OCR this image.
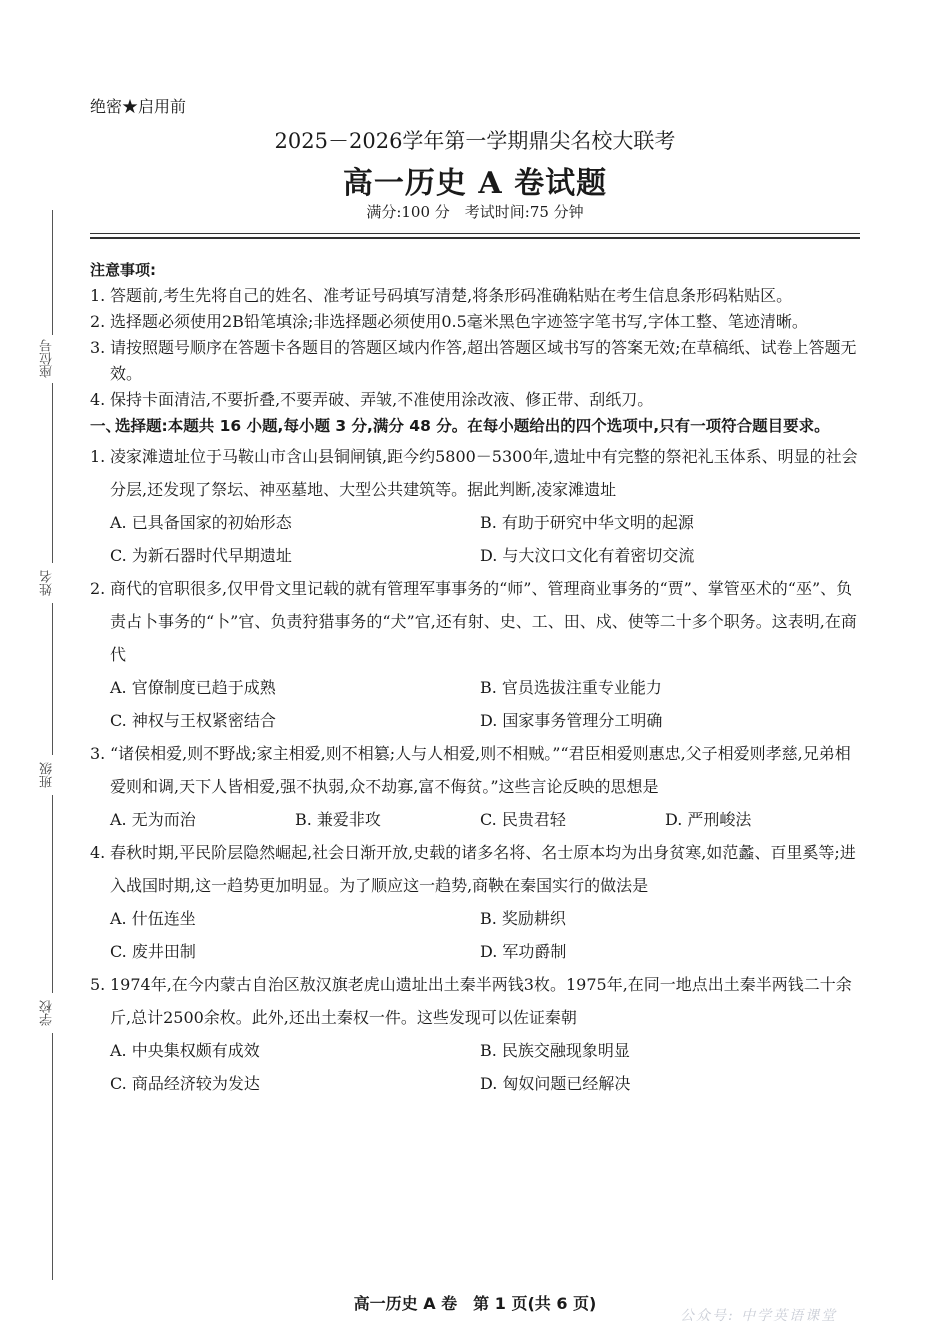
绝密★启用前
2025－2026学年第一学期鼎尖名校大联考
高一历史 A 卷试题
满分:100 分　考试时间:75 分钟
座位号
姓名
班级
学校
注意事项:
1. 答题前,考生先将自己的姓名、准考证号码填写清楚,将条形码准确粘贴在考生信息条形码粘贴区。
2. 选择题必须使用2B铅笔填涂;非选择题必须使用0.5毫米黑色字迹签字笔书写,字体工整、笔迹清晰。
3. 请按照题号顺序在答题卡各题目的答题区域内作答,超出答题区域书写的答案无效;在草稿纸、试卷上答题无效。
4. 保持卡面清洁,不要折叠,不要弄破、弄皱,不准使用涂改液、修正带、刮纸刀。
一、
选择题:本题共 16 小题,每小题 3 分,满分 48 分。在每小题给出的四个选项中,只有一项符合题目要求。
1. 凌家滩遗址位于马鞍山市含山县铜闸镇,距今约5800－5300年,遗址中有完整的祭祀礼玉体系、明显的社会分层,还发现了祭坛、神巫墓地、大型公共建筑等。据此判断,凌家滩遗址
A. 已具备国家的初始形态	B. 有助于研究中华文明的起源
C. 为新石器时代早期遗址	D. 与大汶口文化有着密切交流
2. 商代的官职很多,仅甲骨文里记载的就有管理军事事务的“师”、管理商业事务的“贾”、掌管巫术的“巫”、负责占卜事务的“卜”官、负责狩猎事务的“犬”官,还有射、史、工、田、戍、使等二十多个职务。这表明,在商代
A. 官僚制度已趋于成熟	B. 官员选拔注重专业能力
C. 神权与王权紧密结合	D. 国家事务管理分工明确
3. “诸侯相爱,则不野战;家主相爱,则不相篡;人与人相爱,则不相贼。”“君臣相爱则惠忠,父子相爱则孝慈,兄弟相爱则和调,天下人皆相爱,强不执弱,众不劫寡,富不侮贫。”这些言论反映的思想是
A. 无为而治	B. 兼爱非攻	C. 民贵君轻	D. 严刑峻法
4. 春秋时期,平民阶层隐然崛起,社会日渐开放,史载的诸多名将、名士原本均为出身贫寒,如范蠡、百里奚等;进入战国时期,这一趋势更加明显。为了顺应这一趋势,商鞅在秦国实行的做法是
A. 什伍连坐	B. 奖励耕织
C. 废井田制	D. 军功爵制
5. 1974年,在今内蒙古自治区敖汉旗老虎山遗址出土秦半两钱3枚。1975年,在同一地点出土秦半两钱二十余斤,总计2500余枚。此外,还出土秦权一件。这些发现可以佐证秦朝
A. 中央集权颇有成效	B. 民族交融现象明显
C. 商品经济较为发达	D. 匈奴问题已经解决
高一历史 A 卷　第 1 页(共 6 页)
公众号: 中学英语课堂
